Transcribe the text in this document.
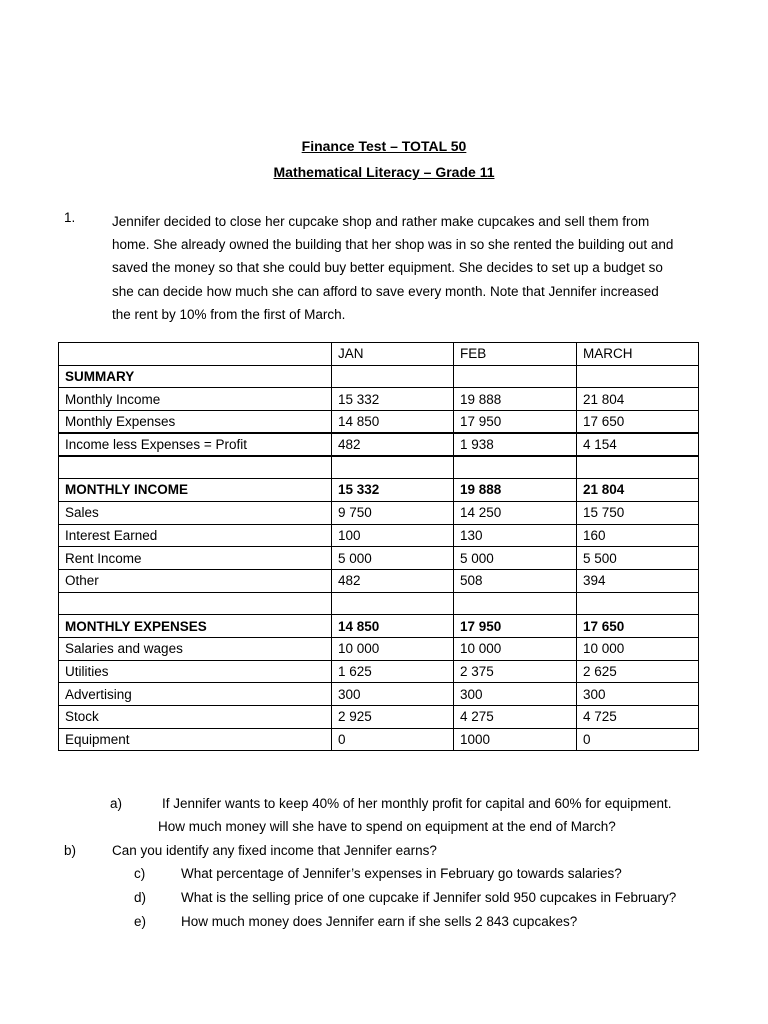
Finance Test – TOTAL 50
Mathematical Literacy – Grade 11
1.	Jennifer decided to close her cupcake shop and rather make cupcakes and sell them from
home. She already owned the building that her shop was in so she rented the building out and
saved the money so that she could buy better equipment. She decides to set up a budget so
she can decide how much she can afford to save every month. Note that Jennifer increased
the rent by 10% from the first of March.
	JAN	FEB	MARCH
SUMMARY			
Monthly Income	15 332	19 888	21 804
Monthly Expenses	14 850	17 950	17 650
Income less Expenses = Profit	482	1 938	4 154

MONTHLY INCOME	15 332	19 888	21 804
Sales	9 750	14 250	15 750
Interest Earned	100	130	160
Rent Income	5 000	5 000	5 500
Other	482	508	394

MONTHLY EXPENSES	14 850	17 950	17 650
Salaries and wages	10 000	10 000	10 000
Utilities	1 625	2 375	2 625
Advertising	300	300	300
Stock	2 925	4 275	4 725
Equipment	0	1000	0
a)	If Jennifer wants to keep 40% of her monthly profit for capital and 60% for equipment.
How much money will she have to spend on equipment at the end of March?
b)	Can you identify any fixed income that Jennifer earns?
c)	What percentage of Jennifer’s expenses in February go towards salaries?
d)	What is the selling price of one cupcake if Jennifer sold 950 cupcakes in February?
e)	How much money does Jennifer earn if she sells 2 843 cupcakes?
